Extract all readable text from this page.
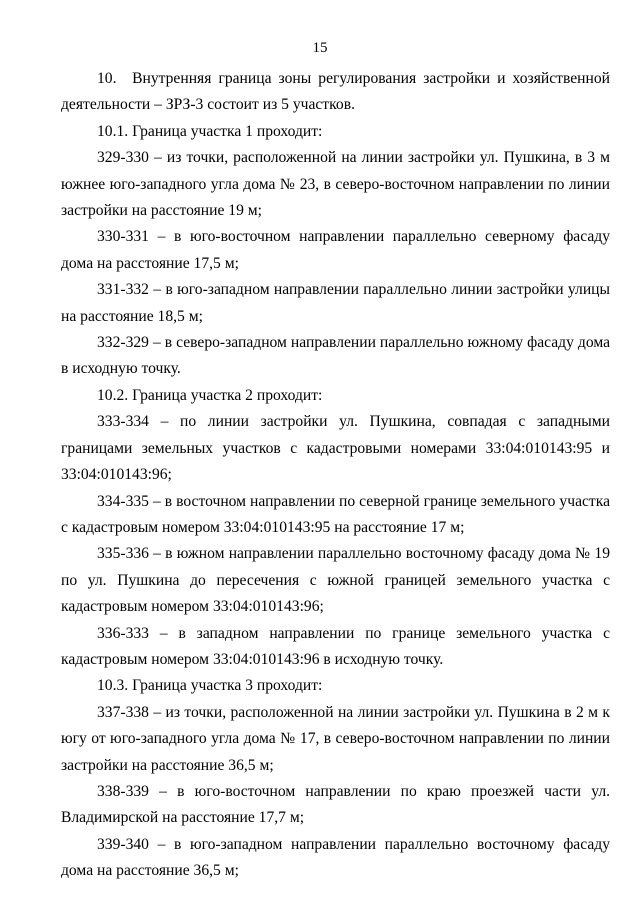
15

10. Внутренняя граница зоны регулирования застройки и хозяйственной деятельности – ЗРЗ-3 состоит из 5 участков.

10.1. Граница участка 1 проходит:

329-330 – из точки, расположенной на линии застройки ул. Пушкина, в 3 м южнее юго-западного угла дома № 23, в северо-восточном направлении по линии застройки на расстояние 19 м;

330-331 – в юго-восточном направлении параллельно северному фасаду дома на расстояние 17,5 м;

331-332 – в юго-западном направлении параллельно линии застройки улицы на расстояние 18,5 м;

332-329 – в северо-западном направлении параллельно южному фасаду дома в исходную точку.

10.2. Граница участка 2 проходит:

333-334 – по линии застройки ул. Пушкина, совпадая с западными границами земельных участков с кадастровыми номерами 33:04:010143:95 и 33:04:010143:96;

334-335 – в восточном направлении по северной границе земельного участка с кадастровым номером 33:04:010143:95 на расстояние 17 м;

335-336 – в южном направлении параллельно восточному фасаду дома № 19 по ул. Пушкина до пересечения с южной границей земельного участка с кадастровым номером 33:04:010143:96;

336-333 – в западном направлении по границе земельного участка с кадастровым номером 33:04:010143:96 в исходную точку.

10.3. Граница участка 3 проходит:

337-338 – из точки, расположенной на линии застройки ул. Пушкина в 2 м к югу от юго-западного угла дома № 17, в северо-восточном направлении по линии застройки на расстояние 36,5 м;

338-339 – в юго-восточном направлении по краю проезжей части ул. Владимирской на расстояние 17,7 м;

339-340 – в юго-западном направлении параллельно восточному фасаду дома на расстояние 36,5 м;
